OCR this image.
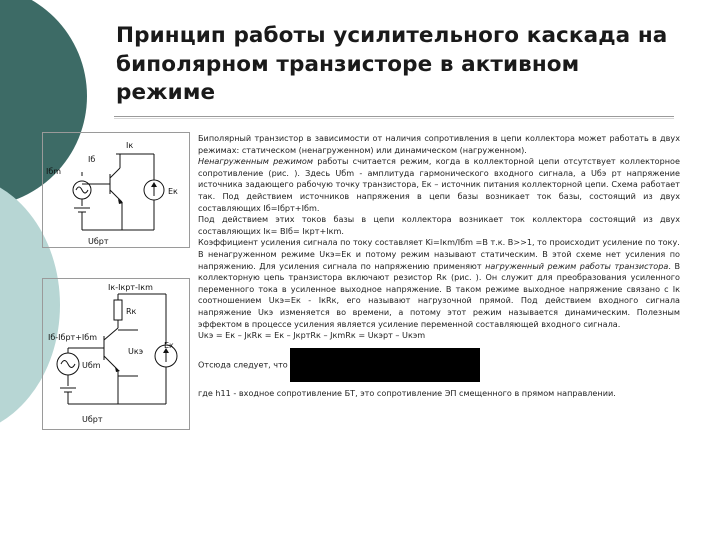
Принцип работы усилительного каскада на
биполярном транзисторе в активном
режиме
Iк
Iб
Iбm
Eк
Uбрт
Iк-Iкрт-Iкm
Iб-Iбрт+Iбm
Rк
Uкэ
Eк
Uбm
Uбрт

Биполярный транзистор в зависимости от наличия сопротивления в цепи коллектора может работать в двух режимах: статическом (ненагруженном) или динамическом (нагруженном).

Ненагруженным режимом работы считается режим, когда в коллекторной цепи отсутствует коллекторное сопротивление (рис. ). Здесь Uбm - амплитуда гармонического входного сигнала, а Uбэ рт напряжение источника задающего рабочую точку транзистора, Ек – источник питания коллекторной цепи. Схема работает так. Под действием источников напряжения в цепи базы возникает ток базы, состоящий из двух составляющих Iб=Iбрт+Iбm.

Под действием этих токов базы в цепи коллектора возникает ток коллектора состоящий из двух составляющих Iк= BIб= Iкрт+Iкm.

Коэффициент усиления сигнала по току составляет Ki=Iкm/Iбm =B т.к. B>>1, то происходит усиление по току.

В ненагруженном режиме Uкэ=Eк и потому режим называют статическим. В этой схеме нет усиления по напряжению. Для усиления сигнала по напряжению применяют нагруженный режим работы транзистора. В коллекторную цепь транзистора включают резистор Rк (рис. ). Он служит для преобразования усиленного переменного тока в усиленное выходное напряжение. В таком режиме выходное напряжение связано с Iк соотношением Uкэ=Eк - IкRк, его называют нагрузочной прямой. Под действием входного сигнала напряжение Uкэ изменяется во времени, а потому этот режим называется динамическим. Полезным эффектом в процессе усиления является усиление переменной составляющей входного сигнала.

Uкэ = Eк – JкRк = Eк – JкртRк – JкmRк = Uкэрт – Uкэm

Отсюда следует, что

где h11 - входное сопротивление БТ, это сопротивление ЭП смещенного в прямом направлении.
